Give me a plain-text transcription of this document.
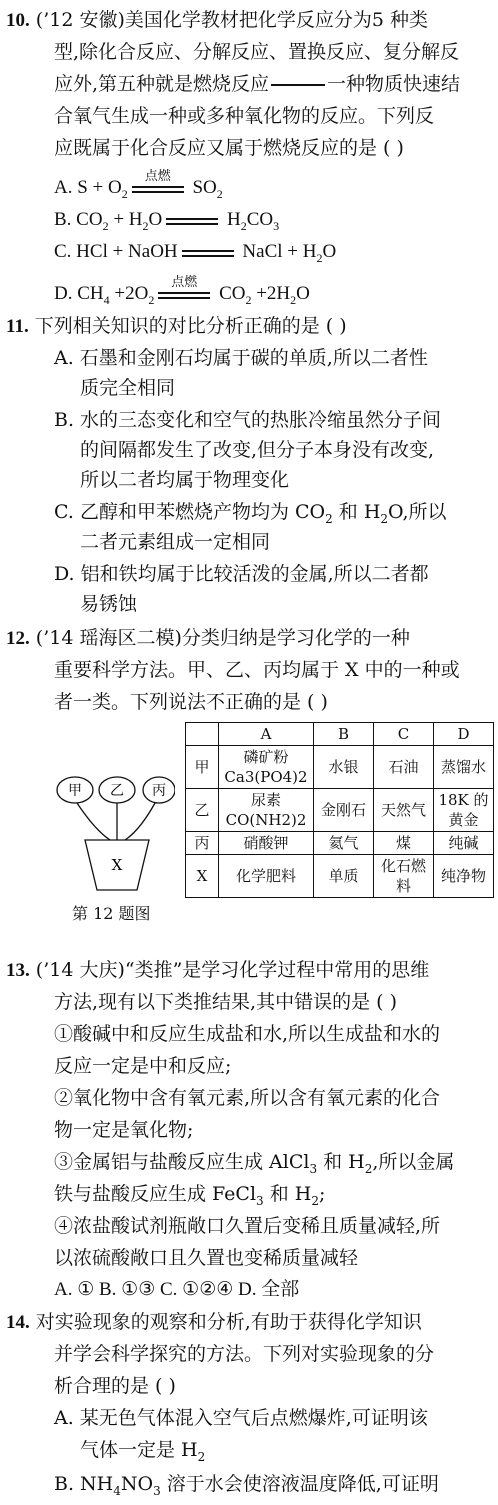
10. (’12 安徽)美国化学教材把化学反应分为5 种类
型,除化合反应、分解反应、置换反应、复分解反
应外,第五种就是燃烧反应	一种物质快速结
合氧气生成一种或多种氧化物的反应。下列反
应既属于化合反应又属于燃烧反应的是 ( )
A. $S + O_2$
点燃
$SO_2$
B. $CO_2 + H_2O$	$H_2CO_3$
C. HCl + NaOH	NaCl + $H_2O$
D. $CH_4 +2O_2$
点燃
$CO_2 +2H_2O$
11. 下列相关知识的对比分析正确的是 ( )
A. 石墨和金刚石均属于碳的单质,所以二者性
质完全相同
B. 水的三态变化和空气的热胀冷缩虽然分子间
的间隔都发生了改变,但分子本身没有改变,
所以二者均属于物理变化
C. 乙醇和甲苯燃烧产物均为 $CO_2$ 和 $H_2O$,所以
二者元素组成一定相同
D. 铝和铁均属于比较活泼的金属,所以二者都
易锈蚀
12. (’14 瑶海区二模)分类归纳是学习化学的一种
重要科学方法。甲、乙、丙均属于 X 中的一种或
者一类。下列说法不正确的是 ( )
甲 乙 丙
X
第 12 题图
	A	B	C	D
甲	磷矿粉 Ca3(PO4)2	水银	石油	蒸馏水
乙	尿素 CO(NH2)2	金刚石	天然气	18K 的黄金
丙	硝酸钾	氦气	煤	纯碱
X	化学肥料	单质	化石燃料	纯净物
13. (’14 大庆)“类推”是学习化学过程中常用的思维
方法,现有以下类推结果,其中错误的是 ( )
①酸碱中和反应生成盐和水,所以生成盐和水的
反应一定是中和反应;
②氧化物中含有氧元素,所以含有氧元素的化合
物一定是氧化物;
③金属铝与盐酸反应生成 AlCl$_3$ 和 $H_2$,所以金属
铁与盐酸反应生成 FeCl$_3$ 和 $H_2$;
④浓盐酸试剂瓶敞口久置后变稀且质量减轻,所
以浓硫酸敞口且久置也变稀质量减轻
A. ① B. ①③ C. ①②④ D. 全部
14. 对实验现象的观察和分析,有助于获得化学知识
并学会科学探究的方法。下列对实验现象的分
析合理的是 ( )
A. 某无色气体混入空气后点燃爆炸,可证明该
气体一定是 $H_2$
B. $NH_4NO_3$ 溶于水会使溶液温度降低,可证明
